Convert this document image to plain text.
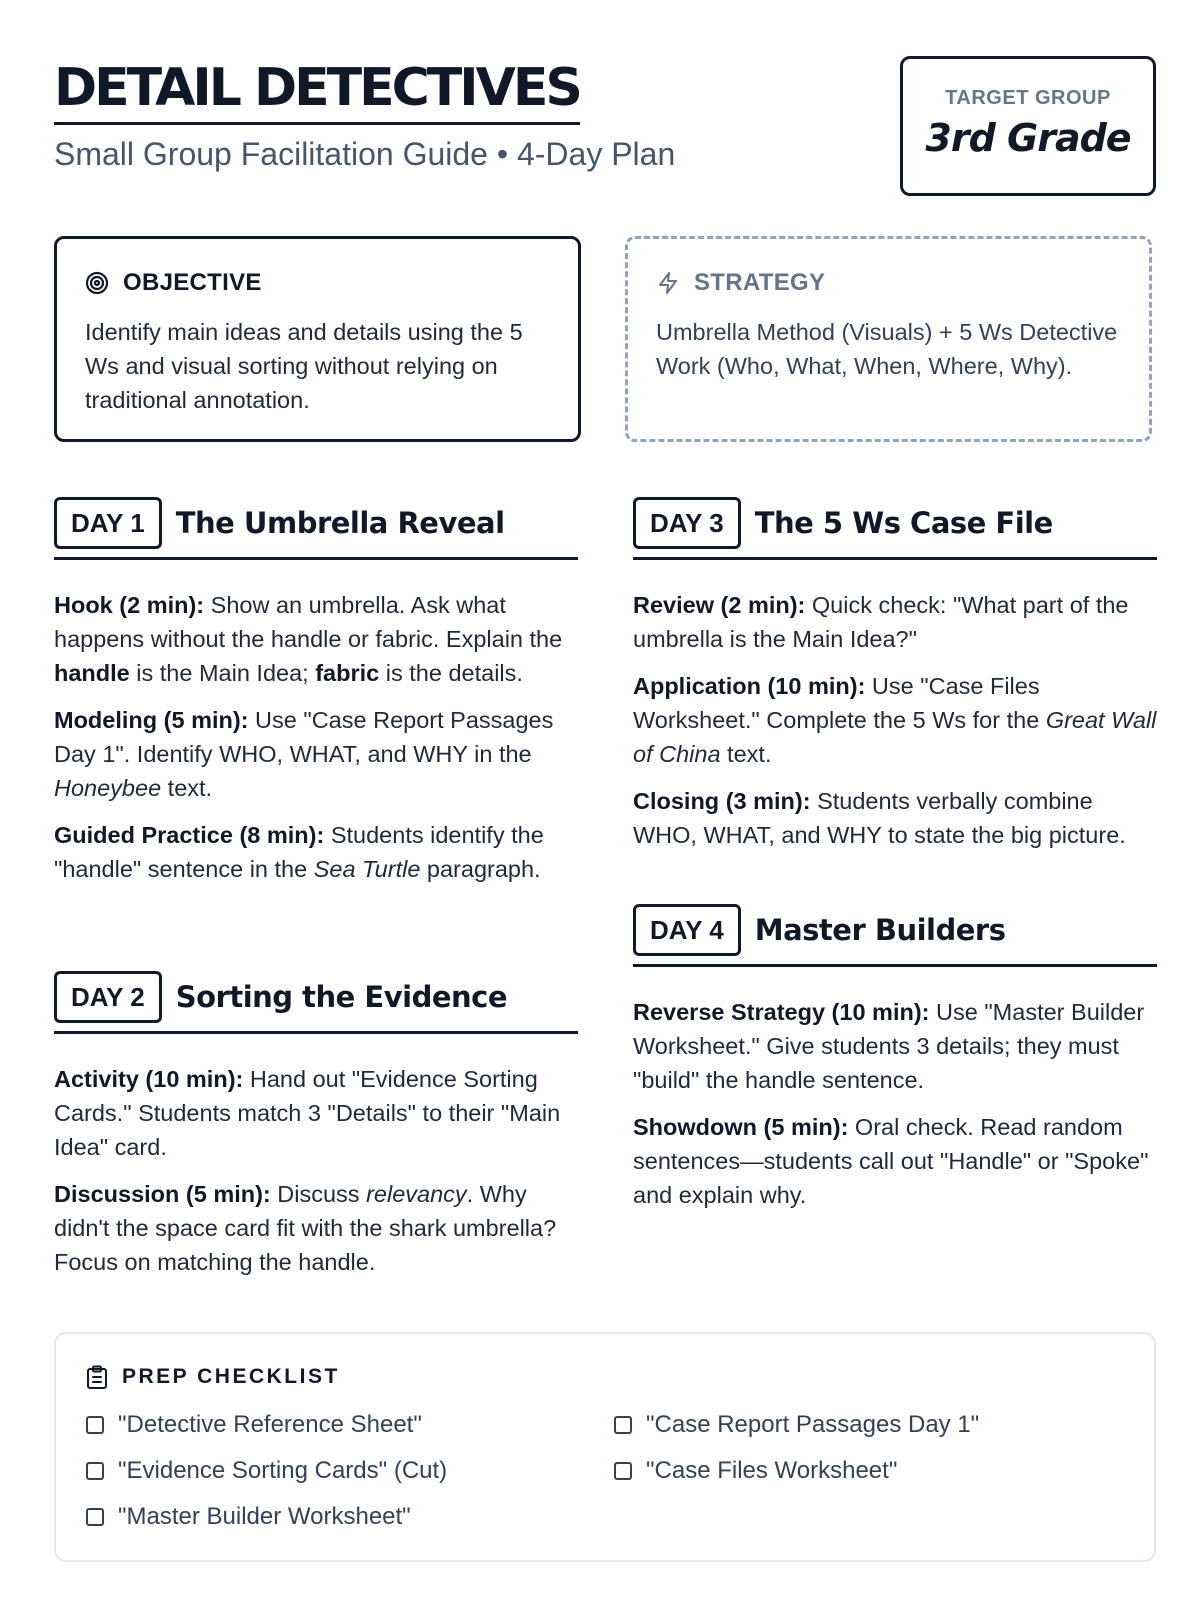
DETAIL DETECTIVES
Small Group Facilitation Guide • 4-Day Plan
TARGET GROUP
3rd Grade
OBJECTIVE
Identify main ideas and details using the 5 Ws and visual sorting without relying on traditional annotation.
STRATEGY
Umbrella Method (Visuals) + 5 Ws Detective Work (Who, What, When, Where, Why).
DAY 1	The Umbrella Reveal

Hook (2 min): Show an umbrella. Ask what happens without the handle or fabric. Explain the handle is the Main Idea; fabric is the details.

Modeling (5 min): Use "Case Report Passages Day 1". Identify WHO, WHAT, and WHY in the Honeybee text.

Guided Practice (8 min): Students identify the "handle" sentence in the Sea Turtle paragraph.

DAY 2	Sorting the Evidence

Activity (10 min): Hand out "Evidence Sorting Cards." Students match 3 "Details" to their "Main Idea" card.

Discussion (5 min): Discuss relevancy. Why didn't the space card fit with the shark umbrella? Focus on matching the handle.

DAY 3	The 5 Ws Case File

Review (2 min): Quick check: "What part of the umbrella is the Main Idea?"

Application (10 min): Use "Case Files Worksheet." Complete the 5 Ws for the Great Wall of China text.

Closing (3 min): Students verbally combine WHO, WHAT, and WHY to state the big picture.

DAY 4	Master Builders

Reverse Strategy (10 min): Use "Master Builder Worksheet." Give students 3 details; they must "build" the handle sentence.

Showdown (5 min): Oral check. Read random sentences—students call out "Handle" or "Spoke" and explain why.

PREP CHECKLIST
"Detective Reference Sheet"	"Case Report Passages Day 1"
"Evidence Sorting Cards" (Cut)	"Case Files Worksheet"
"Master Builder Worksheet"
